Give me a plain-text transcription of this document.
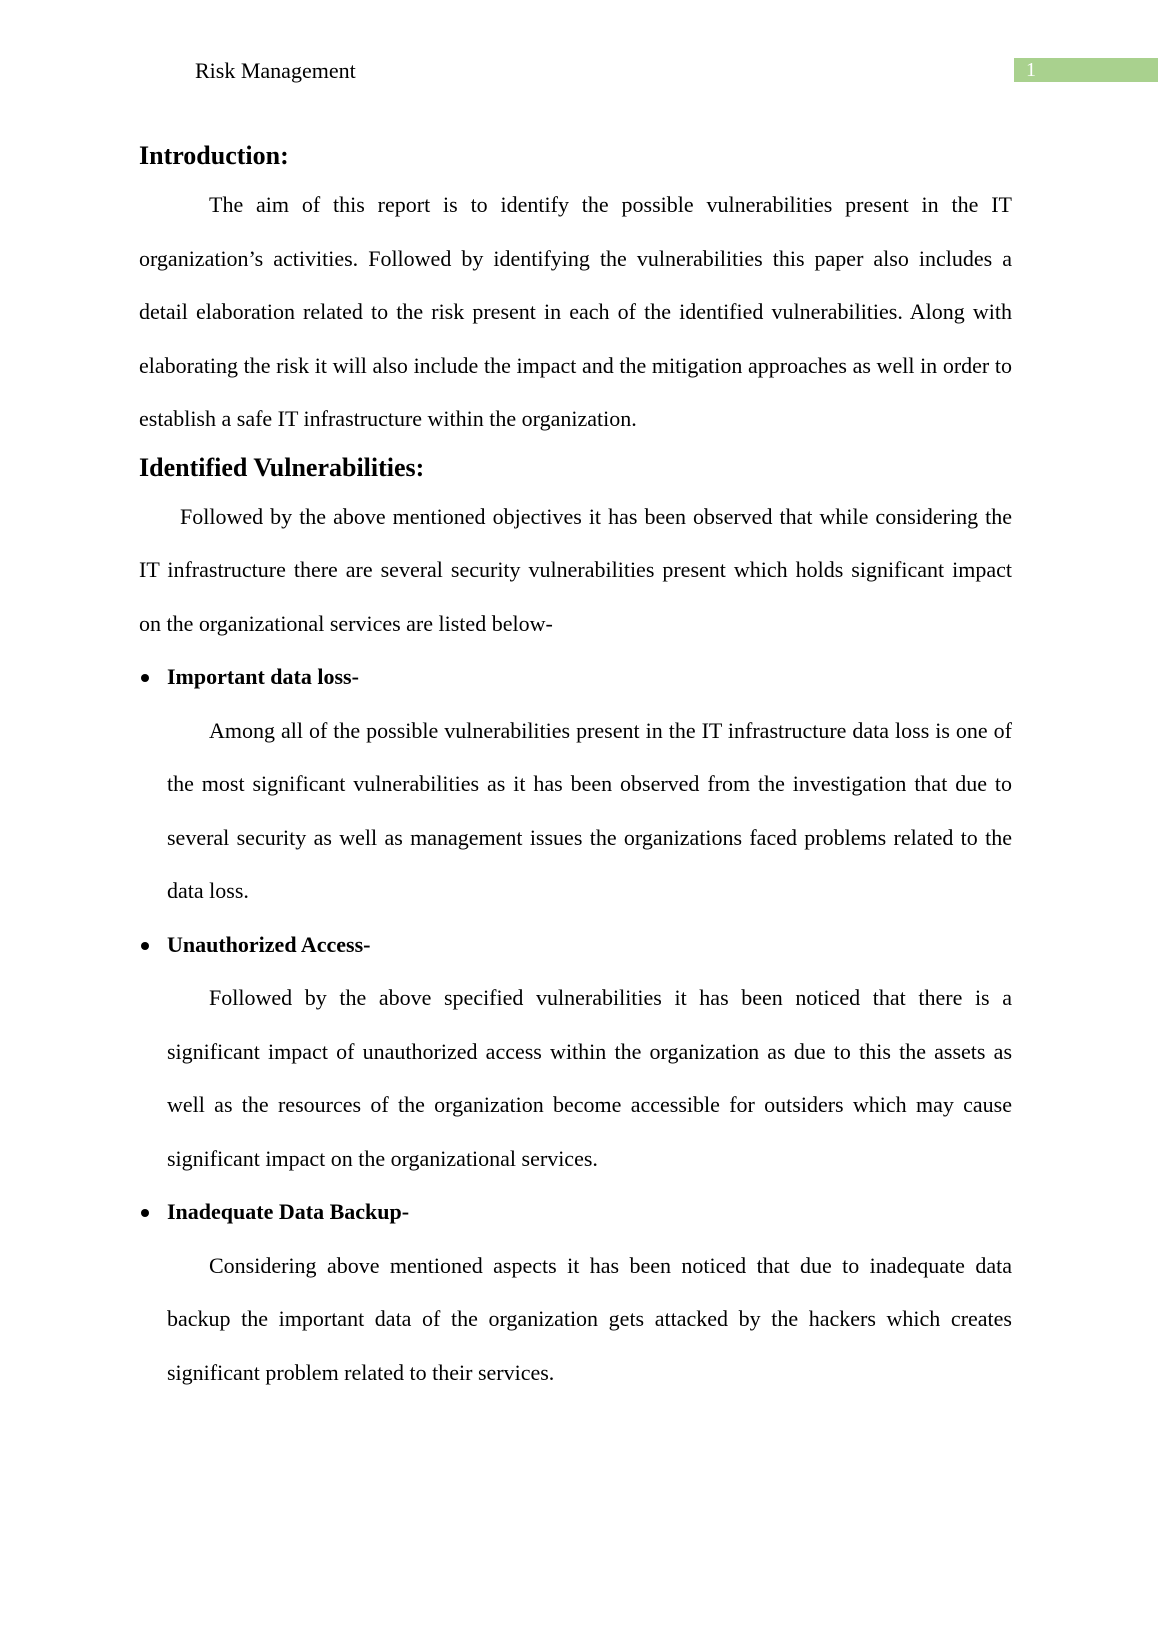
Risk Management	1
Introduction:

The aim of this report is to identify the possible vulnerabilities present in the IT organization’s activities. Followed by identifying the vulnerabilities this paper also includes a detail elaboration related to the risk present in each of the identified vulnerabilities. Along with elaborating the risk it will also include the impact and the mitigation approaches as well in order to establish a safe IT infrastructure within the organization.

Identified Vulnerabilities:

Followed by the above mentioned objectives it has been observed that while considering the IT infrastructure there are several security vulnerabilities present which holds significant impact on the organizational services are listed below-

Important data loss-

Among all of the possible vulnerabilities present in the IT infrastructure data loss is one of the most significant vulnerabilities as it has been observed from the investigation that due to several security as well as management issues the organizations faced problems related to the data loss.

Unauthorized Access-

Followed by the above specified vulnerabilities it has been noticed that there is a significant impact of unauthorized access within the organization as due to this the assets as well as the resources of the organization become accessible for outsiders which may cause significant impact on the organizational services.

Inadequate Data Backup-

Considering above mentioned aspects it has been noticed that due to inadequate data backup the important data of the organization gets attacked by the hackers which creates significant problem related to their services.
